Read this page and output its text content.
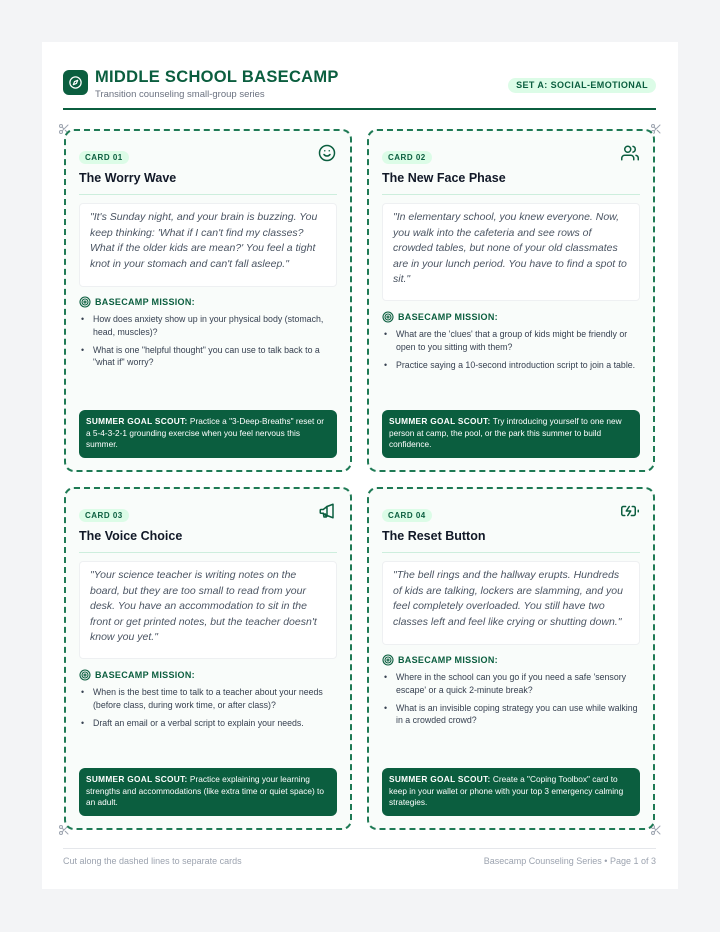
MIDDLE SCHOOL BASECAMP
Transition counseling small-group series
SET A: SOCIAL-EMOTIONAL
CARD 01
The Worry Wave
"It's Sunday night, and your brain is buzzing. You keep thinking: 'What if I can't find my classes? What if the older kids are mean?' You feel a tight knot in your stomach and can't fall asleep."
BASECAMP MISSION:
• How does anxiety show up in your physical body (stomach, head, muscles)?
• What is one "helpful thought" you can use to talk back to a "what if" worry?
SUMMER GOAL SCOUT: Practice a "3-Deep-Breaths" reset or a 5-4-3-2-1 grounding exercise when you feel nervous this summer.
CARD 02
The New Face Phase
"In elementary school, you knew everyone. Now, you walk into the cafeteria and see rows of crowded tables, but none of your old classmates are in your lunch period. You have to find a spot to sit."
BASECAMP MISSION:
• What are the 'clues' that a group of kids might be friendly or open to you sitting with them?
• Practice saying a 10-second introduction script to join a table.
SUMMER GOAL SCOUT: Try introducing yourself to one new person at camp, the pool, or the park this summer to build confidence.
CARD 03
The Voice Choice
"Your science teacher is writing notes on the board, but they are too small to read from your desk. You have an accommodation to sit in the front or get printed notes, but the teacher doesn't know you yet."
BASECAMP MISSION:
• When is the best time to talk to a teacher about your needs (before class, during work time, or after class)?
• Draft an email or a verbal script to explain your needs.
SUMMER GOAL SCOUT: Practice explaining your learning strengths and accommodations (like extra time or quiet space) to an adult.
CARD 04
The Reset Button
"The bell rings and the hallway erupts. Hundreds of kids are talking, lockers are slamming, and you feel completely overloaded. You still have two classes left and feel like crying or shutting down."
BASECAMP MISSION:
• Where in the school can you go if you need a safe 'sensory escape' or a quick 2-minute break?
• What is an invisible coping strategy you can use while walking in a crowded crowd?
SUMMER GOAL SCOUT: Create a "Coping Toolbox" card to keep in your wallet or phone with your top 3 emergency calming strategies.
Cut along the dashed lines to separate cards	Basecamp Counseling Series • Page 1 of 3
